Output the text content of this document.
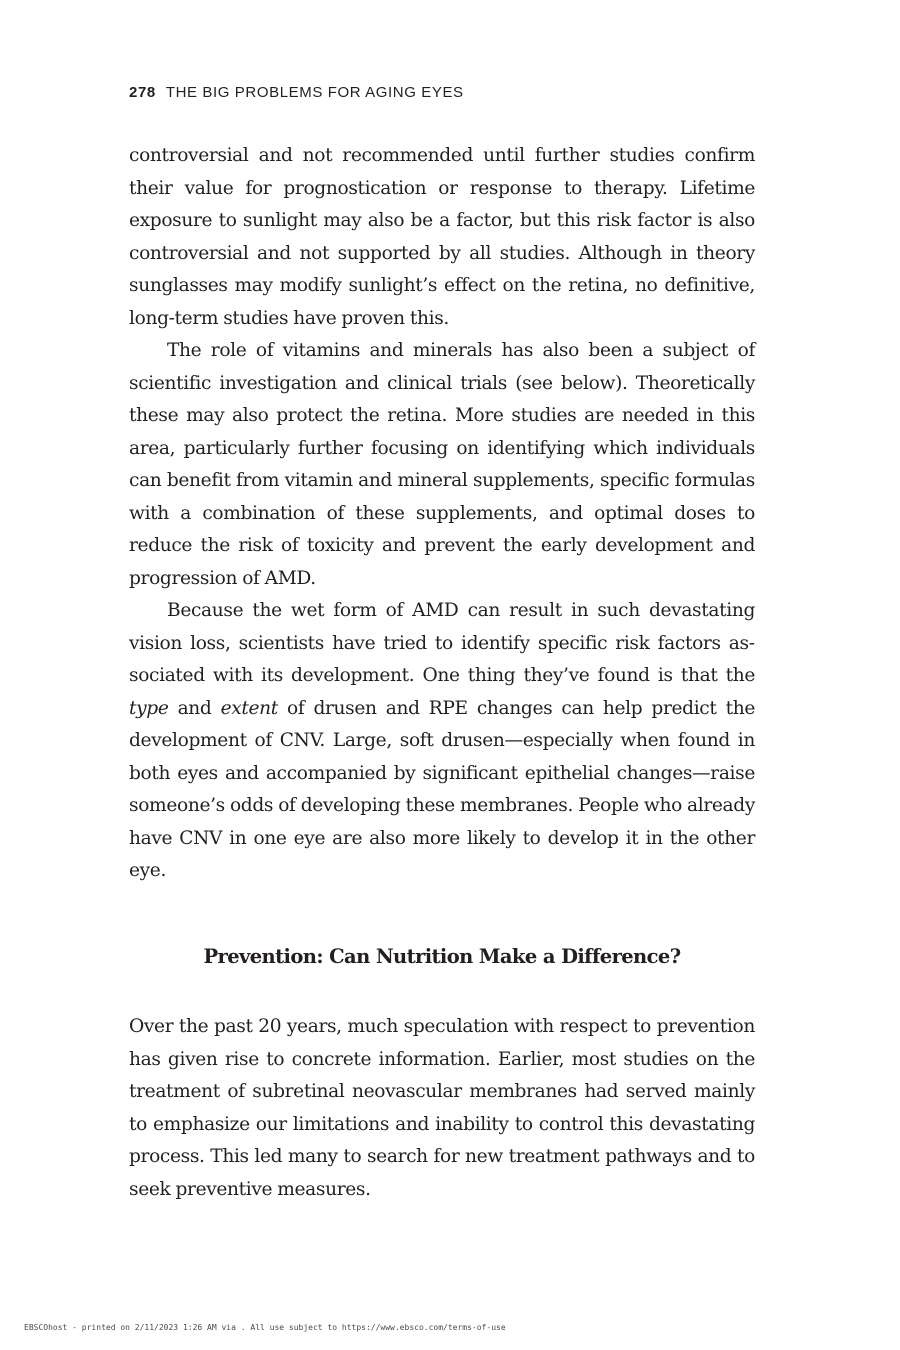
278 THE BIG PROBLEMS FOR AGING EYES

controversial and not recommended until further studies confirm their value for prognostication or response to therapy. Lifetime exposure to sunlight may also be a factor, but this risk factor is also controversial and not supported by all studies. Although in theory sunglasses may modify sunlight’s effect on the retina, no definitive, long-term studies have proven this.

The role of vitamins and minerals has also been a subject of scientific investigation and clinical trials (see below). Theoretically these may also protect the retina. More studies are needed in this area, particularly further focusing on identifying which individuals can benefit from vitamin and mineral supplements, specific formulas with a combination of these supplements, and optimal doses to reduce the risk of toxicity and prevent the early development and progression of AMD.

Because the wet form of AMD can result in such devastating vision loss, scientists have tried to identify specific risk factors associated with its development. One thing they’ve found is that the type and extent of drusen and RPE changes can help predict the development of CNV. Large, soft drusen—especially when found in both eyes and accompanied by significant epithelial changes—raise someone’s odds of developing these membranes. People who already have CNV in one eye are also more likely to develop it in the other eye.

Prevention: Can Nutrition Make a Difference?

Over the past 20 years, much speculation with respect to prevention has given rise to concrete information. Earlier, most studies on the treatment of subretinal neovascular membranes had served mainly to emphasize our limitations and inability to control this devastating process. This led many to search for new treatment pathways and to seek preventive measures.

EBSCOhost - printed on 2/11/2023 1:26 AM via . All use subject to https://www.ebsco.com/terms-of-use
